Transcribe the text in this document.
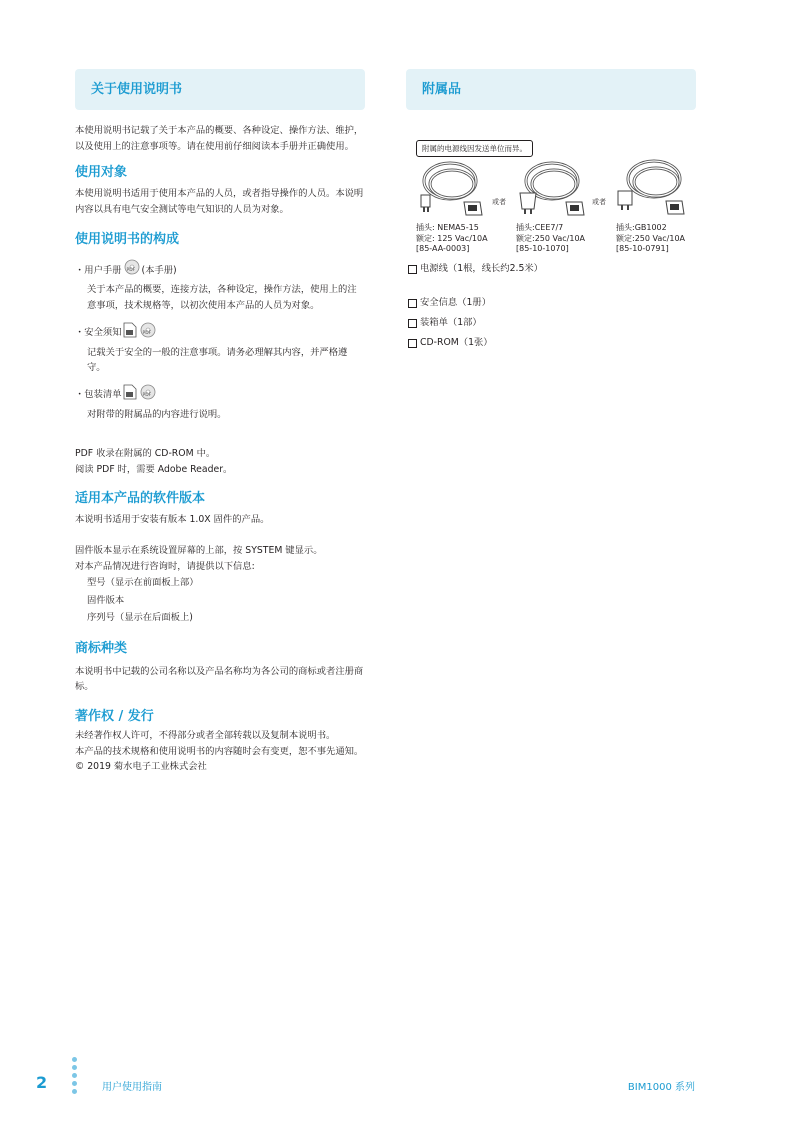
关于使用说明书

本使用说明书记载了关于本产品的概要、各种设定、操作方法、维护，以及使用上的注意事项等。请在使用前仔细阅读本手册并正确使用。

使用对象

本使用说明书适用于使用本产品的人员，或者指导操作的人员。本说明内容以具有电气安全测试等电气知识的人员为对象。

使用说明书的构成

・用户手册 PDF (本手册)

关于本产品的概要，连接方法，各种设定，操作方法，使用上的注意事项，技术规格等，以初次使用本产品的人员为对象。

・安全须知	PDF

记载关于安全的一般的注意事项。请务必理解其内容，并严格遵守。

・包装清单	PDF

对附带的附属品的内容进行说明。

PDF 收录在附属的 CD-ROM 中。

阅读 PDF 时，需要 Adobe Reader。

适用本产品的软件版本

本说明书适用于安装有版本 1.0X 固件的产品。

固件版本显示在系统设置屏幕的上部，按 SYSTEM 键显示。

对本产品情况进行咨询时，请提供以下信息:

型号（显示在前面板上部）

固件版本

序列号（显示在后面板上)

商标种类

本说明书中记载的公司名称以及产品名称均为各公司的商标或者注册商标。

著作权 / 发行

未经著作权人许可，不得部分或者全部转载以及复制本说明书。

本产品的技术规格和使用说明书的内容随时会有变更，恕不事先通知。

© 2019 菊水电子工业株式会社

附属品
附属的电源线因发送单位而异。
或者	或者
插头: NEMA5-15
额定: 125 Vac/10A
[85-AA-0003]
插头:CEE7/7
额定:250 Vac/10A
[85-10-1070]
插头:GB1002
额定:250 Vac/10A
[85-10-0791]
电源线（1根，线长约2.5米）
安全信息（1册）
装箱单（1部）
CD-ROM（1张）
2	用户使用指南	BIM1000 系列
